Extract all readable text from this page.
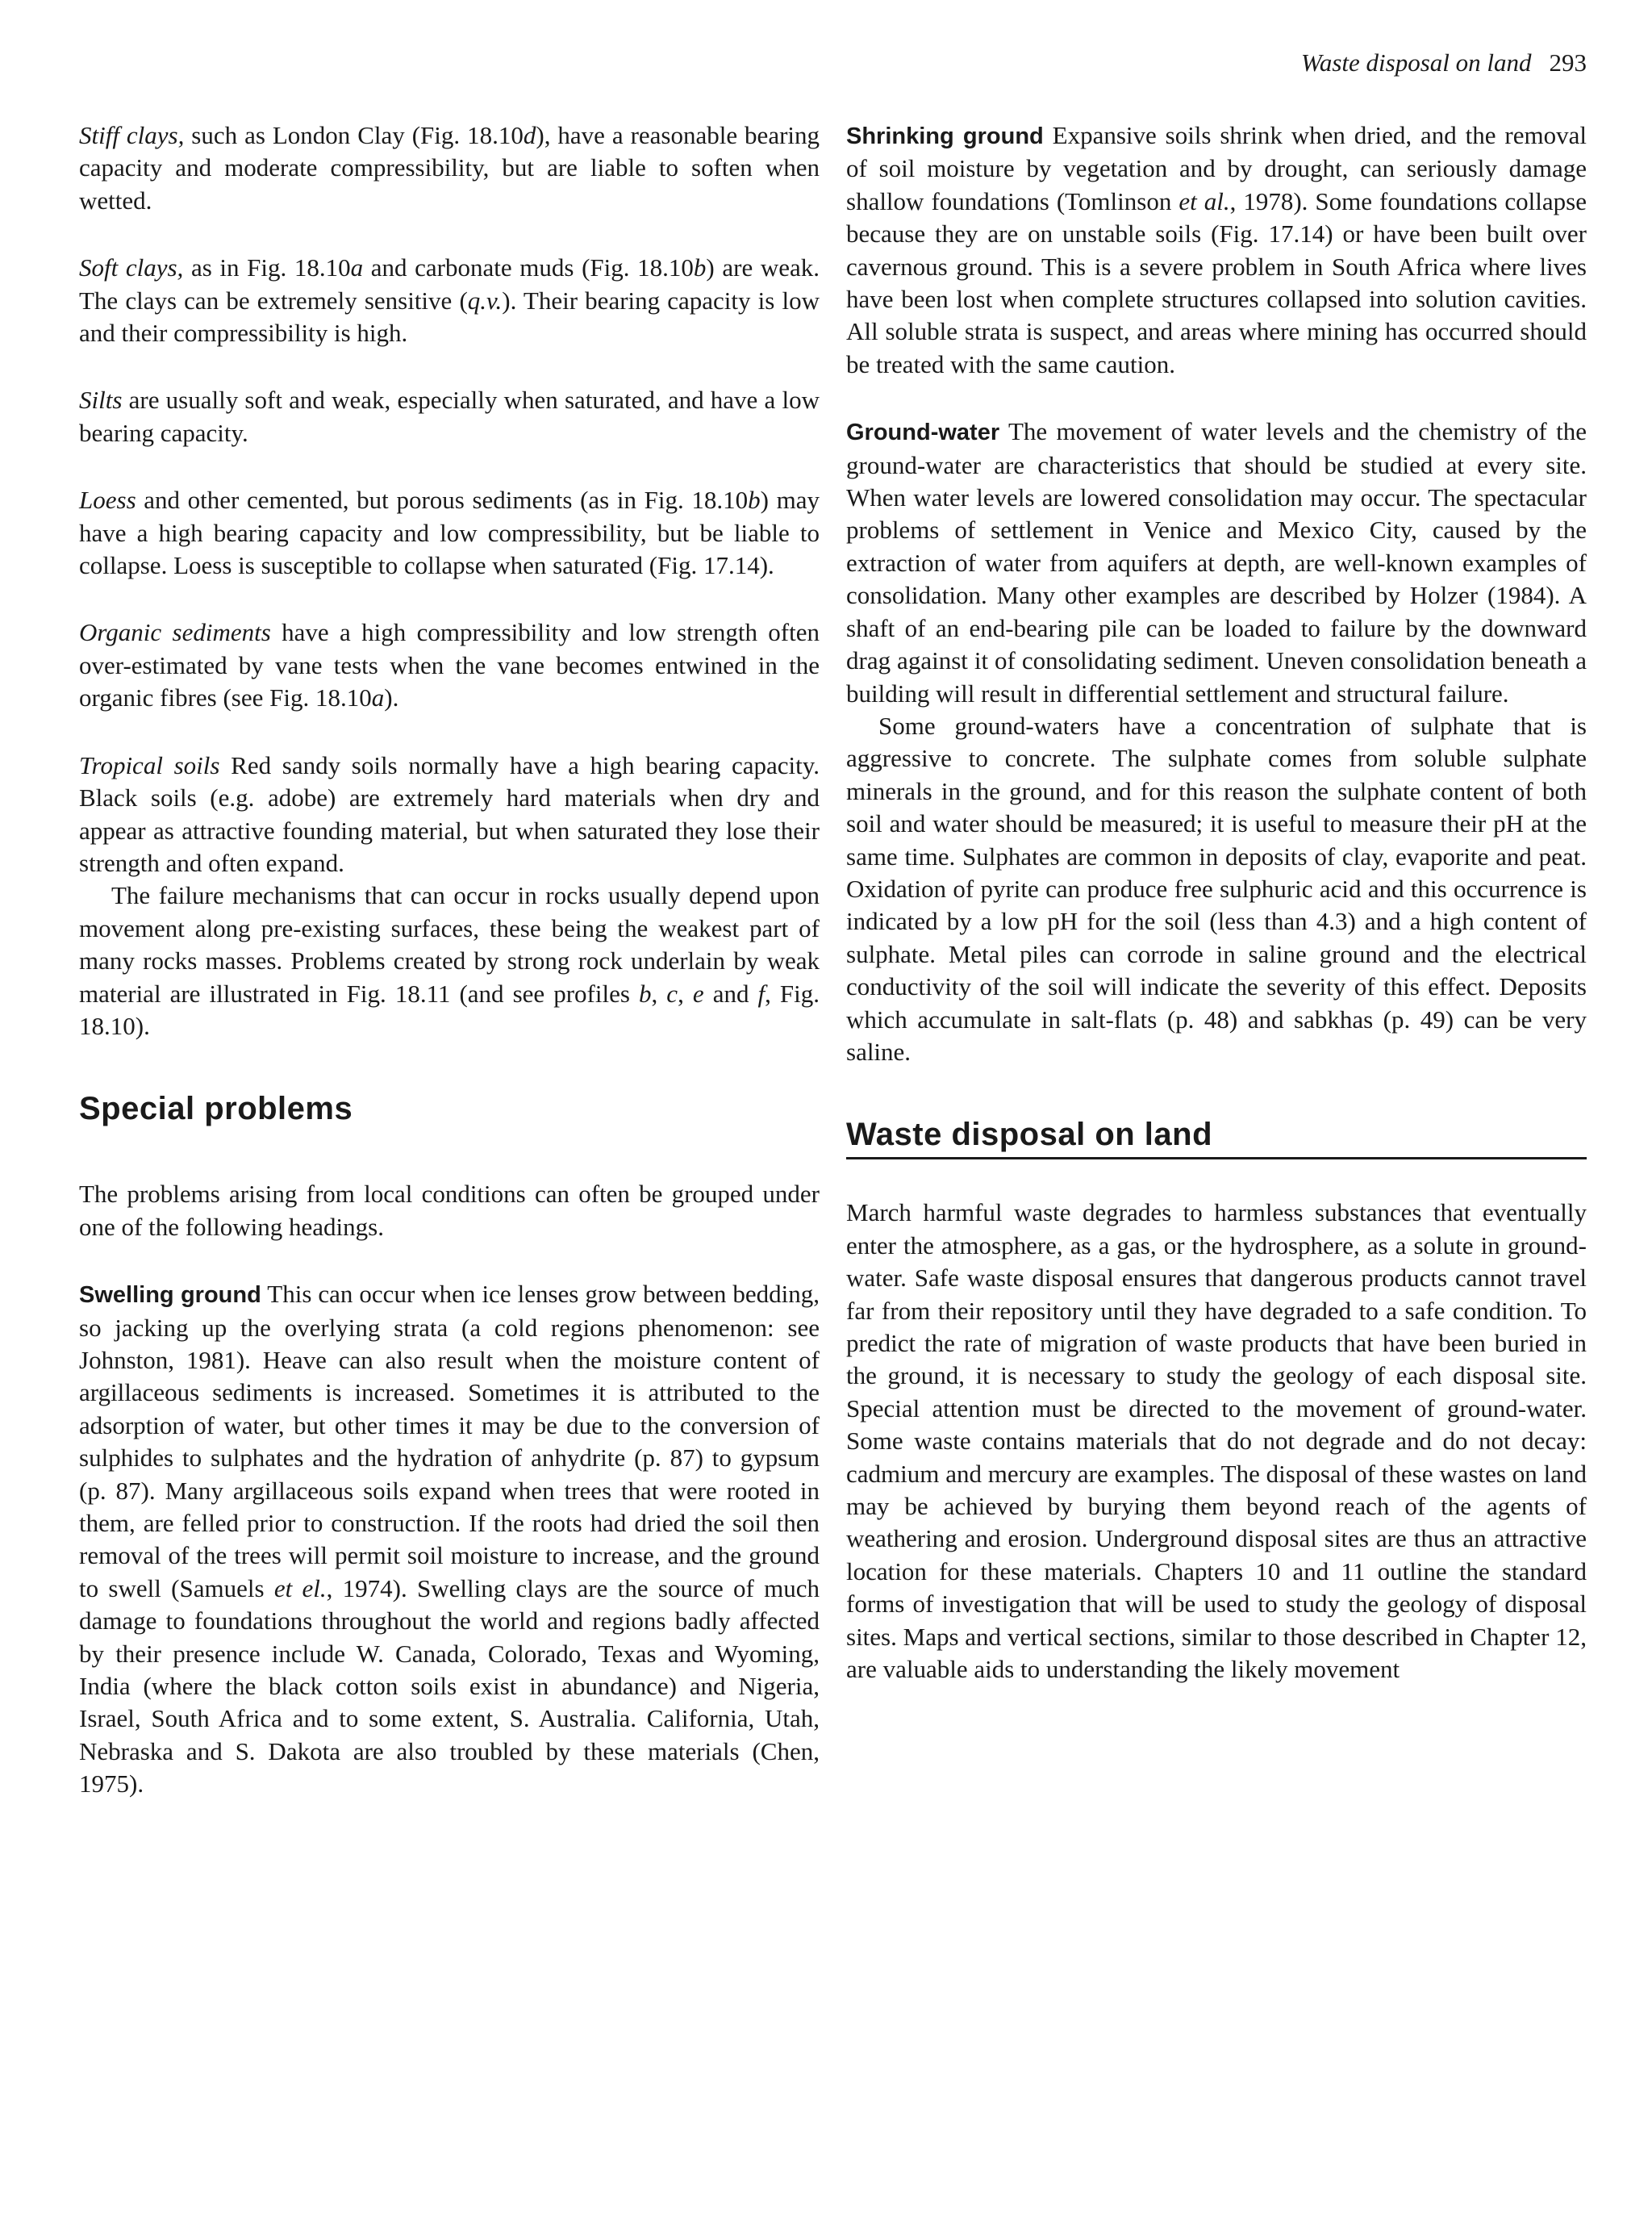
Waste disposal on land 293

Stiff clays, such as London Clay (Fig. 18.10d), have a reasonable bearing capacity and moderate compressibility, but are liable to soften when wetted.

Soft clays, as in Fig. 18.10a and carbonate muds (Fig. 18.10b) are weak. The clays can be extremely sensitive (q.v.). Their bearing capacity is low and their compressibility is high.

Silts are usually soft and weak, especially when saturated, and have a low bearing capacity.

Loess and other cemented, but porous sediments (as in Fig. 18.10b) may have a high bearing capacity and low compressibility, but be liable to collapse. Loess is susceptible to collapse when saturated (Fig. 17.14).

Organic sediments have a high compressibility and low strength often over-estimated by vane tests when the vane becomes entwined in the organic fibres (see Fig. 18.10a).

Tropical soils Red sandy soils normally have a high bearing capacity. Black soils (e.g. adobe) are extremely hard materials when dry and appear as attractive founding material, but when saturated they lose their strength and often expand.

The failure mechanisms that can occur in rocks usually depend upon movement along pre-existing surfaces, these being the weakest part of many rocks masses. Problems created by strong rock underlain by weak material are illustrated in Fig. 18.11 (and see profiles b, c, e and f, Fig. 18.10).

Special problems

The problems arising from local conditions can often be grouped under one of the following headings.

Swelling ground This can occur when ice lenses grow between bedding, so jacking up the overlying strata (a cold regions phenomenon: see Johnston, 1981). Heave can also result when the moisture content of argillaceous sediments is increased. Sometimes it is attributed to the adsorption of water, but other times it may be due to the conversion of sulphides to sulphates and the hydration of anhydrite (p. 87) to gypsum (p. 87). Many argillaceous soils expand when trees that were rooted in them, are felled prior to construction. If the roots had dried the soil then removal of the trees will permit soil moisture to increase, and the ground to swell (Samuels et el., 1974). Swelling clays are the source of much damage to foundations throughout the world and regions badly affected by their presence include W. Canada, Colorado, Texas and Wyoming, India (where the black cotton soils exist in abundance) and Nigeria, Israel, South Africa and to some extent, S. Australia. California, Utah, Nebraska and S. Dakota are also troubled by these materials (Chen, 1975).

Shrinking ground Expansive soils shrink when dried, and the removal of soil moisture by vegetation and by drought, can seriously damage shallow foundations (Tomlinson et al., 1978). Some foundations collapse because they are on unstable soils (Fig. 17.14) or have been built over cavernous ground. This is a severe problem in South Africa where lives have been lost when complete structures collapsed into solution cavities. All soluble strata is suspect, and areas where mining has occurred should be treated with the same caution.

Ground-water The movement of water levels and the chemistry of the ground-water are characteristics that should be studied at every site. When water levels are lowered consolidation may occur. The spectacular problems of settlement in Venice and Mexico City, caused by the extraction of water from aquifers at depth, are well-known examples of consolidation. Many other examples are described by Holzer (1984). A shaft of an end-bearing pile can be loaded to failure by the downward drag against it of consolidating sediment. Uneven consolidation beneath a building will result in differential settlement and structural failure.

Some ground-waters have a concentration of sulphate that is aggressive to concrete. The sulphate comes from soluble sulphate minerals in the ground, and for this reason the sulphate content of both soil and water should be measured; it is useful to measure their pH at the same time. Sulphates are common in deposits of clay, evaporite and peat. Oxidation of pyrite can produce free sulphuric acid and this occurrence is indicated by a low pH for the soil (less than 4.3) and a high content of sulphate. Metal piles can corrode in saline ground and the electrical conductivity of the soil will indicate the severity of this effect. Deposits which accumulate in salt-flats (p. 48) and sabkhas (p. 49) can be very saline.

Waste disposal on land

March harmful waste degrades to harmless substances that eventually enter the atmosphere, as a gas, or the hydrosphere, as a solute in ground-water. Safe waste disposal ensures that dangerous products cannot travel far from their repository until they have degraded to a safe condition. To predict the rate of migration of waste products that have been buried in the ground, it is necessary to study the geology of each disposal site. Special attention must be directed to the movement of ground-water. Some waste contains materials that do not degrade and do not decay: cadmium and mercury are examples. The disposal of these wastes on land may be achieved by burying them beyond reach of the agents of weathering and erosion. Underground disposal sites are thus an attractive location for these materials. Chapters 10 and 11 outline the standard forms of investigation that will be used to study the geology of disposal sites. Maps and vertical sections, similar to those described in Chapter 12, are valuable aids to understanding the likely movement
